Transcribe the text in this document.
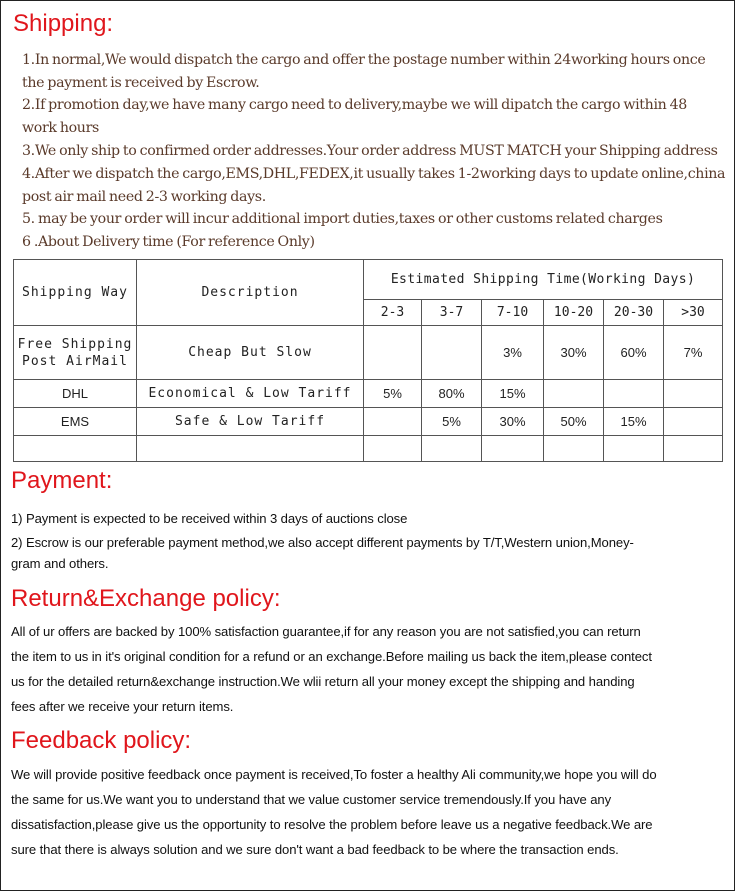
Shipping:
1.In normal,We would dispatch the cargo and offer the postage number within 24working hours once
the payment is received by Escrow.
2.If promotion day,we have many cargo need to delivery,maybe we will dipatch the cargo within 48
work hours
3.We only ship to confirmed order addresses.Your order address MUST MATCH your Shipping address
4.After we dispatch the cargo,EMS,DHL,FEDEX,it usually takes 1-2working days to update online,china
post air mail need 2-3 working days.
5. may be your order will incur additional import duties,taxes or other customs related charges
6 .About Delivery time (For reference Only)
Shipping Way	Description	Estimated Shipping Time(Working Days)					
		2-3	3-7	7-10	10-20	20-30	>30

Free Shipping
Post AirMail	Cheap But Slow			3%	30%	60%	7%
DHL	Economical & Low Tariff	5%	80%	15%			
EMS	Safe & Low Tariff		5%	30%	50%	15%	

Payment:
1) Payment is expected to be received within 3 days of auctions close
2) Escrow is our preferable payment method,we also accept different payments by T/T,Western union,Money-
gram and others.
Return&Exchange policy:
All of ur offers are backed by 100% satisfaction guarantee,if for any reason you are not satisfied,you can return
the item to us in it's original condition for a refund or an exchange.Before mailing us back the item,please contect
us for the detailed return&exchange instruction.We wlii return all your money except the shipping and handing
fees after we receive your return items.
Feedback policy:
We will provide positive feedback once payment is received,To foster a healthy Ali community,we hope you will do
the same for us.We want you to understand that we value customer service tremendously.If you have any
dissatisfaction,please give us the opportunity to resolve the problem before leave us a negative feedback.We are
sure that there is always solution and we sure don't want a bad feedback to be where the transaction ends.
